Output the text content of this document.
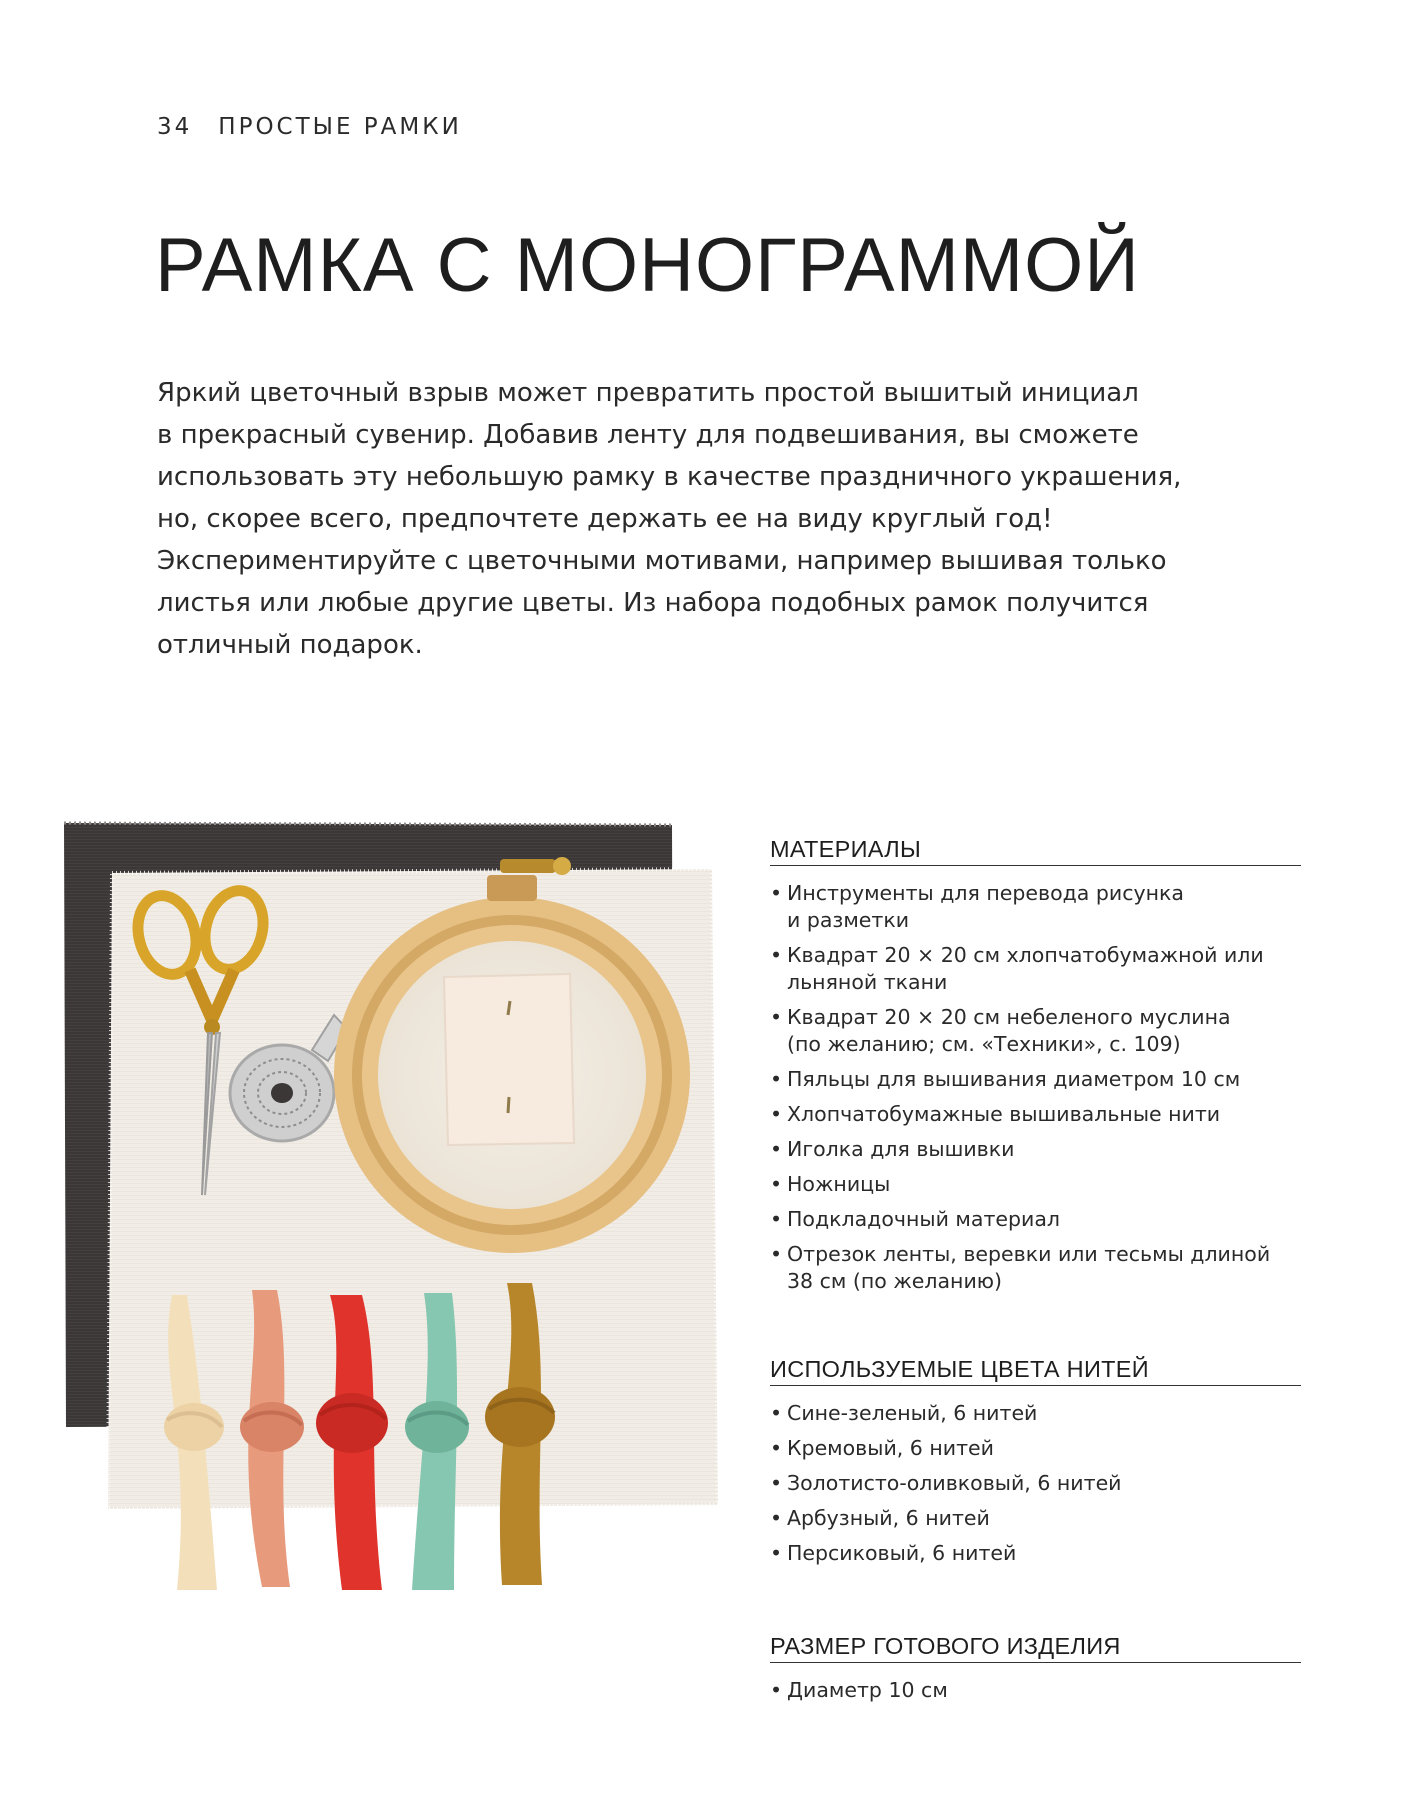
34 ПРОСТЫЕ РАМКИ
РАМКА С МОНОГРАММОЙ

Яркий цветочный взрыв может превратить простой вышитый инициал
в прекрасный сувенир. Добавив ленту для подвешивания, вы сможете
использовать эту небольшую рамку в качестве праздничного украшения,
но, скорее всего, предпочтете держать ее на виду круглый год!
Экспериментируйте с цветочными мотивами, например вышивая только
листья или любые другие цветы. Из набора подобных рамок получится
отличный подарок.

МАТЕРИАЛЫ
• Инструменты для перевода рисунка
и разметки
• Квадрат 20 × 20 см хлопчатобумажной или
льняной ткани
• Квадрат 20 × 20 см небеленого муслина
(по желанию; см. «Техники», с. 109)
• Пяльцы для вышивания диаметром 10 см
• Хлопчатобумажные вышивальные нити
• Иголка для вышивки
• Ножницы
• Подкладочный материал
• Отрезок ленты, веревки или тесьмы длиной
38 см (по желанию)
ИСПОЛЬЗУЕМЫЕ ЦВЕТА НИТЕЙ
• Сине-зеленый, 6 нитей
• Кремовый, 6 нитей
• Золотисто-оливковый, 6 нитей
• Арбузный, 6 нитей
• Персиковый, 6 нитей
РАЗМЕР ГОТОВОГО ИЗДЕЛИЯ
• Диаметр 10 см
